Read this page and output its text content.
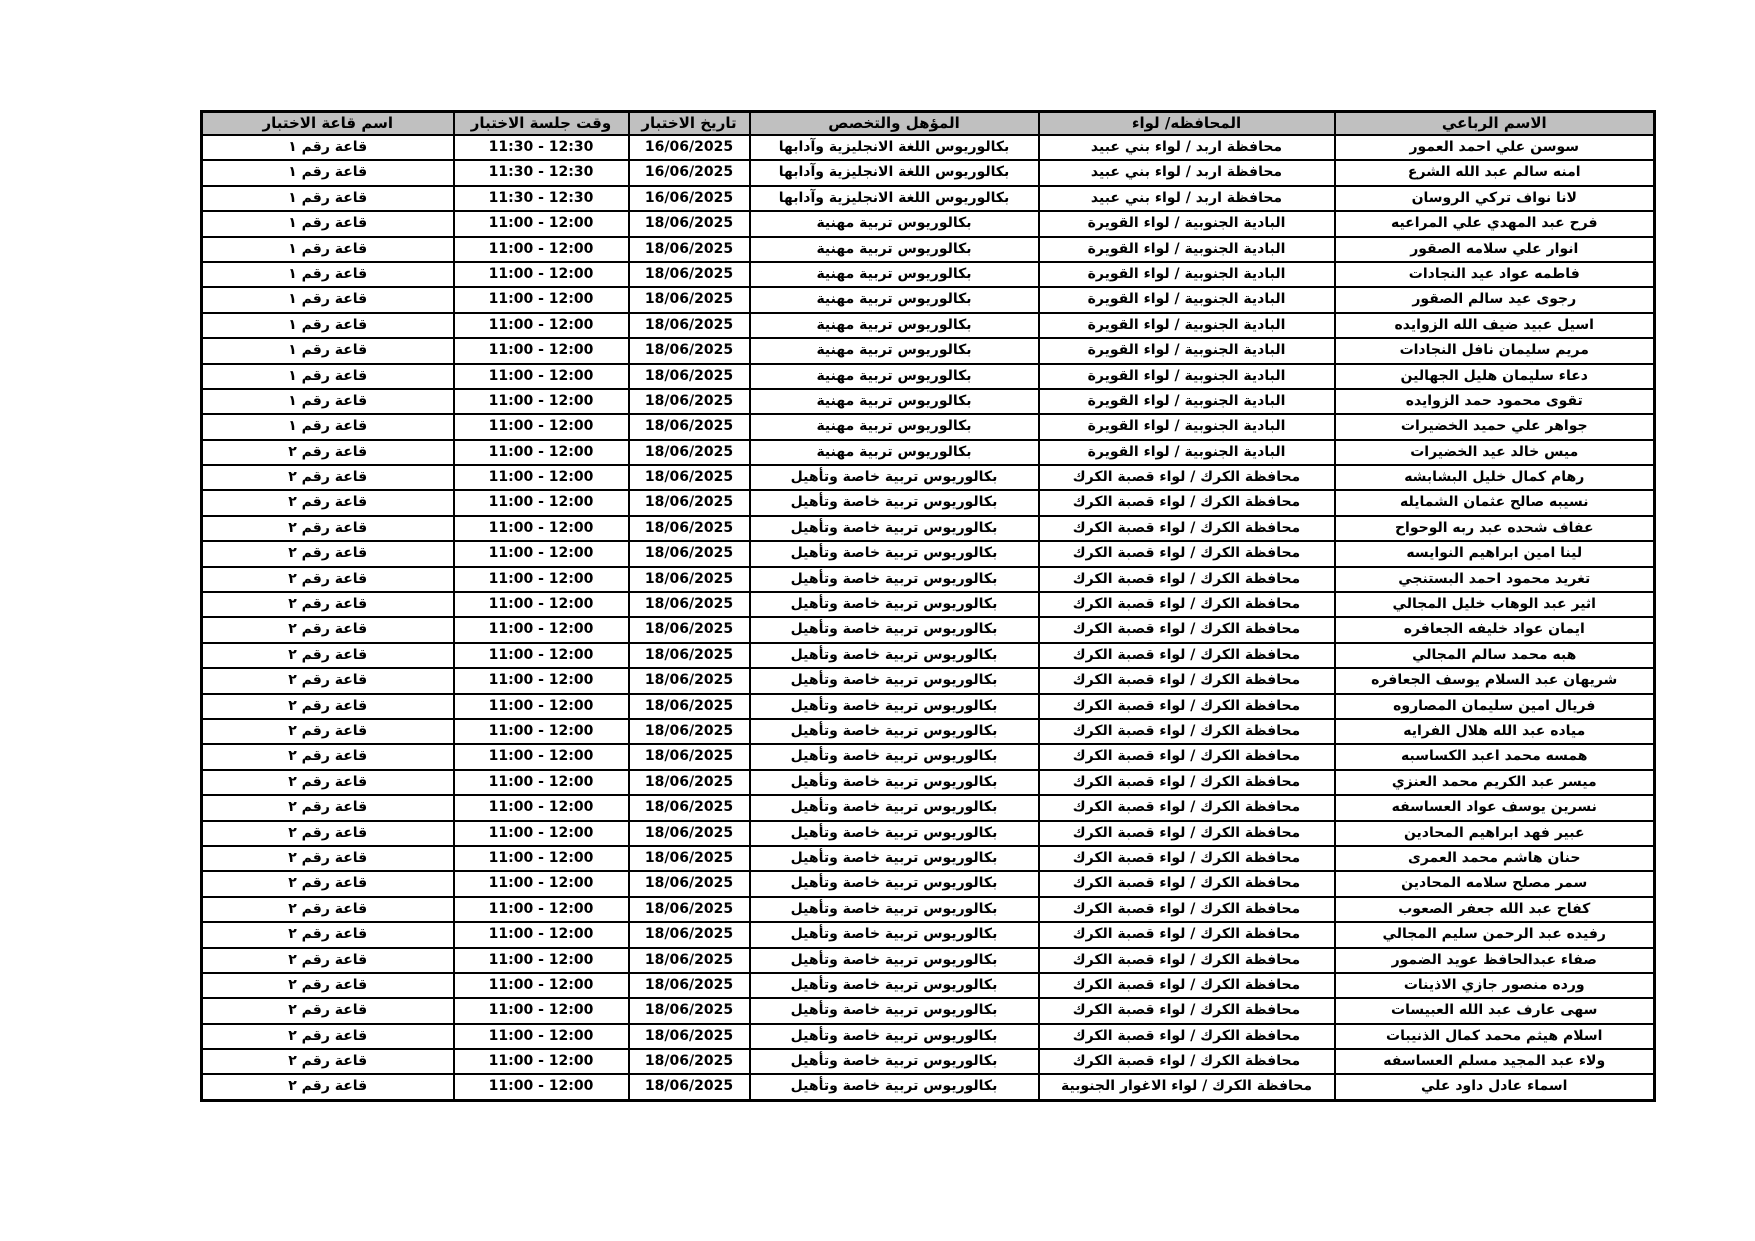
الاسم الرباعي	المحافظه/ لواء	المؤهل والتخصص	تاريخ الاختبار	وقت جلسة الاختبار	اسم قاعة الاختبار
سوسن علي احمد العمور	محافظة اربد / لواء بني عبيد	بكالوريوس اللغة الانجليزية وآدابها	16/06/2025	11:30 - 12:30	قاعة رقم ١
امنه سالم عبد الله الشرع	محافظة اربد / لواء بني عبيد	بكالوريوس اللغة الانجليزية وآدابها	16/06/2025	11:30 - 12:30	قاعة رقم ١
لانا نواف تركي الروسان	محافظة اربد / لواء بني عبيد	بكالوريوس اللغة الانجليزية وآدابها	16/06/2025	11:30 - 12:30	قاعة رقم ١
فرح عبد المهدي علي المراعيه	البادية الجنوبية / لواء القويرة	بكالوريوس تربية مهنية	18/06/2025	11:00 - 12:00	قاعة رقم ١
انوار علي سلامه الصقور	البادية الجنوبية / لواء القويرة	بكالوريوس تربية مهنية	18/06/2025	11:00 - 12:00	قاعة رقم ١
فاطمه عواد عيد النجادات	البادية الجنوبية / لواء القويرة	بكالوريوس تربية مهنية	18/06/2025	11:00 - 12:00	قاعة رقم ١
رجوى عيد سالم الصقور	البادية الجنوبية / لواء القويرة	بكالوريوس تربية مهنية	18/06/2025	11:00 - 12:00	قاعة رقم ١
اسيل عبيد ضيف الله الزوايده	البادية الجنوبية / لواء القويرة	بكالوريوس تربية مهنية	18/06/2025	11:00 - 12:00	قاعة رقم ١
مريم سليمان نافل النجادات	البادية الجنوبية / لواء القويرة	بكالوريوس تربية مهنية	18/06/2025	11:00 - 12:00	قاعة رقم ١
دعاء سليمان هليل الجهالين	البادية الجنوبية / لواء القويرة	بكالوريوس تربية مهنية	18/06/2025	11:00 - 12:00	قاعة رقم ١
تقوى محمود حمد الزوايده	البادية الجنوبية / لواء القويرة	بكالوريوس تربية مهنية	18/06/2025	11:00 - 12:00	قاعة رقم ١
جواهر علي حميد الخضيرات	البادية الجنوبية / لواء القويرة	بكالوريوس تربية مهنية	18/06/2025	11:00 - 12:00	قاعة رقم ١
ميس خالد عيد الخضيرات	البادية الجنوبية / لواء القويرة	بكالوريوس تربية مهنية	18/06/2025	11:00 - 12:00	قاعة رقم ٢
رهام كمال خليل البشابشه	محافظة الكرك / لواء قصبة الكرك	بكالوريوس تربية خاصة وتأهيل	18/06/2025	11:00 - 12:00	قاعة رقم ٢
نسيبه صالح عثمان الشمايله	محافظة الكرك / لواء قصبة الكرك	بكالوريوس تربية خاصة وتأهيل	18/06/2025	11:00 - 12:00	قاعة رقم ٢
عفاف شحده عبد ربه الوحواح	محافظة الكرك / لواء قصبة الكرك	بكالوريوس تربية خاصة وتأهيل	18/06/2025	11:00 - 12:00	قاعة رقم ٢
لينا امين ابراهيم النوايسه	محافظة الكرك / لواء قصبة الكرك	بكالوريوس تربية خاصة وتأهيل	18/06/2025	11:00 - 12:00	قاعة رقم ٢
تغريد محمود احمد البستنجي	محافظة الكرك / لواء قصبة الكرك	بكالوريوس تربية خاصة وتأهيل	18/06/2025	11:00 - 12:00	قاعة رقم ٢
اثير عبد الوهاب خليل المجالي	محافظة الكرك / لواء قصبة الكرك	بكالوريوس تربية خاصة وتأهيل	18/06/2025	11:00 - 12:00	قاعة رقم ٢
ايمان عواد خليفه الجعافره	محافظة الكرك / لواء قصبة الكرك	بكالوريوس تربية خاصة وتأهيل	18/06/2025	11:00 - 12:00	قاعة رقم ٢
هبه محمد سالم المجالي	محافظة الكرك / لواء قصبة الكرك	بكالوريوس تربية خاصة وتأهيل	18/06/2025	11:00 - 12:00	قاعة رقم ٢
شريهان عبد السلام يوسف الجعافره	محافظة الكرك / لواء قصبة الكرك	بكالوريوس تربية خاصة وتأهيل	18/06/2025	11:00 - 12:00	قاعة رقم ٢
فريال امين سليمان المصاروه	محافظة الكرك / لواء قصبة الكرك	بكالوريوس تربية خاصة وتأهيل	18/06/2025	11:00 - 12:00	قاعة رقم ٢
مياده عبد الله هلال الفرايه	محافظة الكرك / لواء قصبة الكرك	بكالوريوس تربية خاصة وتأهيل	18/06/2025	11:00 - 12:00	قاعة رقم ٢
همسه محمد اعبد الكساسبه	محافظة الكرك / لواء قصبة الكرك	بكالوريوس تربية خاصة وتأهيل	18/06/2025	11:00 - 12:00	قاعة رقم ٢
ميسر عبد الكريم محمد العنزي	محافظة الكرك / لواء قصبة الكرك	بكالوريوس تربية خاصة وتأهيل	18/06/2025	11:00 - 12:00	قاعة رقم ٢
نسرين يوسف عواد العساسفه	محافظة الكرك / لواء قصبة الكرك	بكالوريوس تربية خاصة وتأهيل	18/06/2025	11:00 - 12:00	قاعة رقم ٢
عبير فهد ابراهيم المحادين	محافظة الكرك / لواء قصبة الكرك	بكالوريوس تربية خاصة وتأهيل	18/06/2025	11:00 - 12:00	قاعة رقم ٢
حنان هاشم محمد العمرى	محافظة الكرك / لواء قصبة الكرك	بكالوريوس تربية خاصة وتأهيل	18/06/2025	11:00 - 12:00	قاعة رقم ٢
سمر مصلح سلامه المحادين	محافظة الكرك / لواء قصبة الكرك	بكالوريوس تربية خاصة وتأهيل	18/06/2025	11:00 - 12:00	قاعة رقم ٢
كفاح عبد الله جعفر الصعوب	محافظة الكرك / لواء قصبة الكرك	بكالوريوس تربية خاصة وتأهيل	18/06/2025	11:00 - 12:00	قاعة رقم ٢
رفيده عبد الرحمن سليم المجالي	محافظة الكرك / لواء قصبة الكرك	بكالوريوس تربية خاصة وتأهيل	18/06/2025	11:00 - 12:00	قاعة رقم ٢
صفاء عبدالحافظ عويد الضمور	محافظة الكرك / لواء قصبة الكرك	بكالوريوس تربية خاصة وتأهيل	18/06/2025	11:00 - 12:00	قاعة رقم ٢
ورده منصور جازي الاذينات	محافظة الكرك / لواء قصبة الكرك	بكالوريوس تربية خاصة وتأهيل	18/06/2025	11:00 - 12:00	قاعة رقم ٢
سهى عارف عبد الله العبيسات	محافظة الكرك / لواء قصبة الكرك	بكالوريوس تربية خاصة وتأهيل	18/06/2025	11:00 - 12:00	قاعة رقم ٢
اسلام هيثم محمد كمال الذنيبات	محافظة الكرك / لواء قصبة الكرك	بكالوريوس تربية خاصة وتأهيل	18/06/2025	11:00 - 12:00	قاعة رقم ٢
ولاء عبد المجيد مسلم العساسفه	محافظة الكرك / لواء قصبة الكرك	بكالوريوس تربية خاصة وتأهيل	18/06/2025	11:00 - 12:00	قاعة رقم ٢
اسماء عادل داود علي	محافظة الكرك / لواء الاغوار الجنوبية	بكالوريوس تربية خاصة وتأهيل	18/06/2025	11:00 - 12:00	قاعة رقم ٢
